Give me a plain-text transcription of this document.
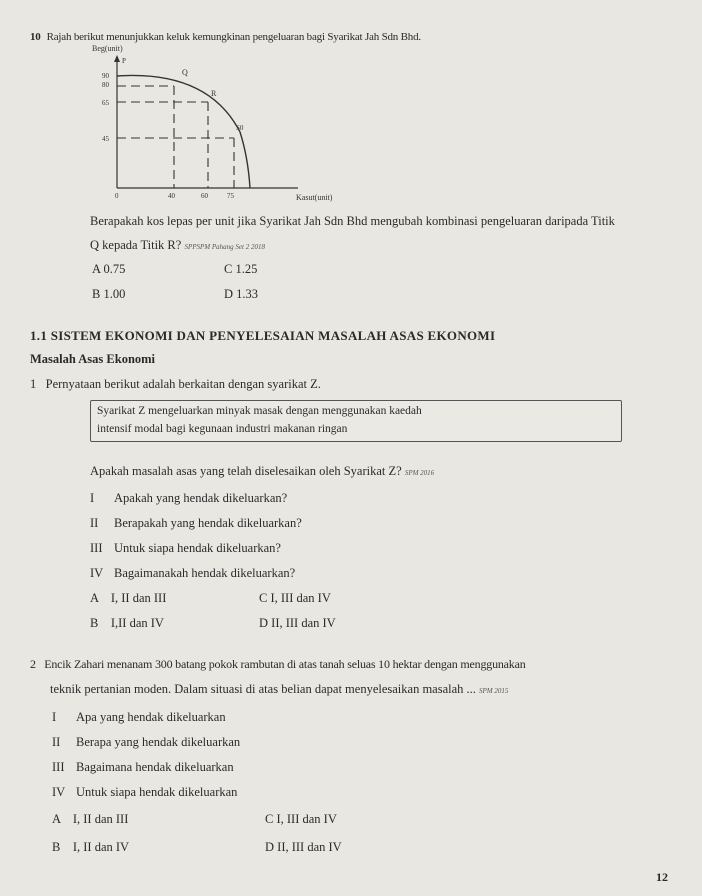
10 Rajah berikut menunjukkan keluk kemungkinan pengeluaran bagi Syarikat Jah Sdn Bhd.
Beg(unit)
P
90
80
65
45
Q
R
S0
0	40	60	75	Kasut(unit)
Berapakah kos lepas per unit jika Syarikat Jah Sdn Bhd mengubah kombinasi pengeluaran daripada Titik
Q kepada Titik R? SPPSPM Pahang Set 2 2018
A 0.75	C 1.25
B 1.00	D 1.33
1.1 SISTEM EKONOMI DAN PENYELESAIAN MASALAH ASAS EKONOMI
Masalah Asas Ekonomi
1 Pernyataan berikut adalah berkaitan dengan syarikat Z.
Syarikat Z mengeluarkan minyak masak dengan menggunakan kaedah
intensif modal bagi kegunaan industri makanan ringan
Apakah masalah asas yang telah diselesaikan oleh Syarikat Z? SPM 2016
I Apakah yang hendak dikeluarkan?
II Berapakah yang hendak dikeluarkan?
III Untuk siapa hendak dikeluarkan?
IV Bagaimanakah hendak dikeluarkan?
A    I, II dan III	C I, III dan IV
B    I,II dan IV	D II, III dan IV
2 Encik Zahari menanam 300 batang pokok rambutan di atas tanah seluas 10 hektar dengan menggunakan
teknik pertanian moden. Dalam situasi di atas belian dapat menyelesaikan masalah ... SPM 2015
I Apa yang hendak dikeluarkan
II Berapa yang hendak dikeluarkan
III Bagaimana hendak dikeluarkan
IV Untuk siapa hendak dikeluarkan
A    I, II dan III	C I, III dan IV
B    I, II dan IV	D II, III dan IV
12
